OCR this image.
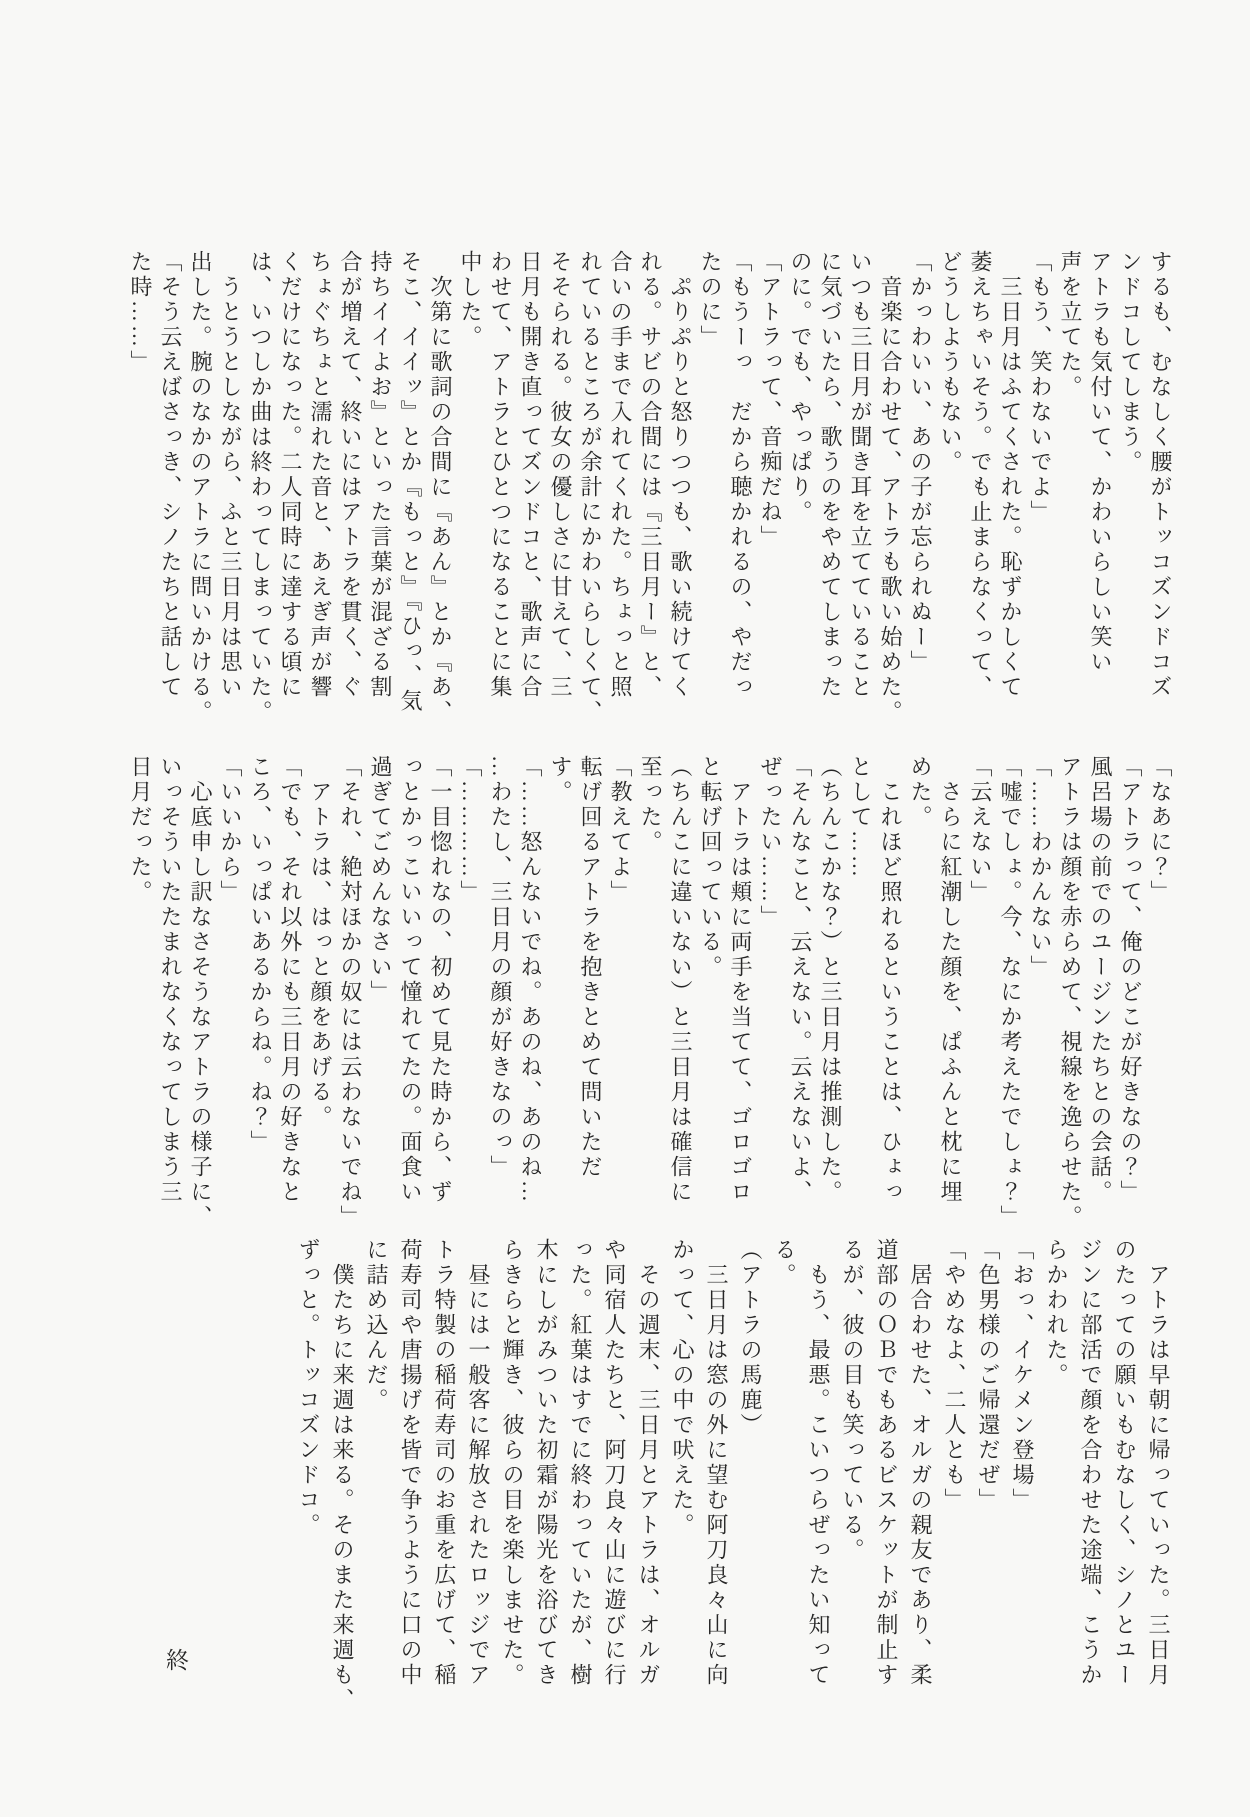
するも、むなしく腰がトッコズンドコズ

ンドコしてしまう。

アトラも気付いて、かわいらしい笑い

声を立てた。

「もう、笑わないでよ」

　三日月はふてくされた。恥ずかしくて

萎えちゃいそう。でも止まらなくって、

どうしようもない。

「かっわいい、あの子が忘られぬー」

　音楽に合わせて、アトラも歌い始めた。

いつも三日月が聞き耳を立てていること

に気づいたら、歌うのをやめてしまった

のに。でも、やっぱり。

「アトラって、音痴だね」

「もうーっ　だから聴かれるの、やだっ

たのに」

　ぷりぷりと怒りつつも、歌い続けてく

れる。サビの合間には『三日月ー』と、

合いの手まで入れてくれた。ちょっと照

れているところが余計にかわいらしくて、

そそられる。彼女の優しさに甘えて、三

日月も開き直ってズンドコと、歌声に合

わせて、アトラとひとつになることに集

中した。

　次第に歌詞の合間に『あん』とか『あ、

そこ、イイッ』とか『もっと』『ひっ、気

持ちイイよお』といった言葉が混ざる割

合が増えて、終いにはアトラを貫く、ぐ

ちょぐちょと濡れた音と、あえぎ声が響

くだけになった。二人同時に達する頃に

は、いつしか曲は終わってしまっていた。

　うとうとしながら、ふと三日月は思い

出した。腕のなかのアトラに問いかける。

「そう云えばさっき、シノたちと話して

た時……」

「なあに？」

「アトラって、俺のどこが好きなの？」

風呂場の前でのユージンたちとの会話。

アトラは顔を赤らめて、視線を逸らせた。

「……わかんない」

「嘘でしょ。今、なにか考えたでしょ？」

「云えない」

　さらに紅潮した顔を、ぱふんと枕に埋

めた。

　これほど照れるということは、ひょっ

として……

（ちんこかな？）と三日月は推測した。

「そんなこと、云えない。云えないよ、

ぜったい……」

　アトラは頬に両手を当てて、ゴロゴロ

と転げ回っている。

（ちんこに違いない）と三日月は確信に

至った。

「教えてよ」

転げ回るアトラを抱きとめて問いただ

す。

「……怒んないでね。あのね、あのね…

…わたし、三日月の顔が好きなのっ」

「…………」

「一目惚れなの、初めて見た時から、ず

っとかっこいいって憧れてたの。面食い

過ぎてごめんなさい」

「それ、絶対ほかの奴には云わないでね」

　アトラは、はっと顔をあげる。

「でも、それ以外にも三日月の好きなと

ころ、いっぱいあるからね。ね？」

「いいから」

　心底申し訳なさそうなアトラの様子に、

いっそういたたまれなくなってしまう三

日月だった。

　アトラは早朝に帰っていった。三日月

のたっての願いもむなしく、シノとユー

ジンに部活で顔を合わせた途端、こうか

らかわれた。

「おっ、イケメン登場」

「色男様のご帰還だぜ」

「やめなよ、二人とも」

　居合わせた、オルガの親友であり、柔

道部のＯＢでもあるビスケットが制止す

るが、彼の目も笑っている。

　もう、最悪。こいつらぜったい知って

る。

（アトラの馬鹿）

　三日月は窓の外に望む阿刀良々山に向

かって、心の中で吠えた。

　その週末、三日月とアトラは、オルガ

や同宿人たちと、阿刀良々山に遊びに行

った。紅葉はすでに終わっていたが、樹

木にしがみついた初霜が陽光を浴びてき

らきらと輝き、彼らの目を楽しませた。

　昼には一般客に解放されたロッジでア

トラ特製の稲荷寿司のお重を広げて、稲

荷寿司や唐揚げを皆で争うように口の中

に詰め込んだ。

　僕たちに来週は来る。そのまた来週も、

ずっと。トッコズンドコ。

終
